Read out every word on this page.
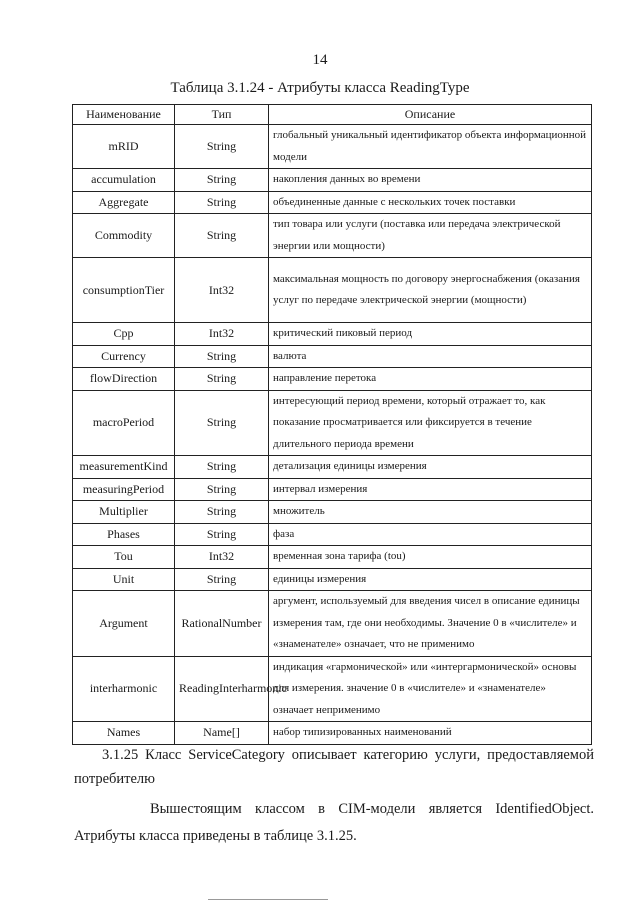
14
Таблица 3.1.24 - Атрибуты класса ReadingType
Наименование	Тип	Описание
mRID	String	глобальный уникальный идентификатор объекта информационной модели
accumulation	String	накопления данных во времени
Aggregate	String	объединенные данные с нескольких точек поставки
Commodity	String	тип товара или услуги (поставка или передача электрической энергии или мощности)
consumptionTier	Int32	максимальная мощность по договору энергоснабжения (оказания услуг по передаче электрической энергии (мощности)
Cpp	Int32	критический пиковый период
Currency	String	валюта
flowDirection	String	направление перетока
macroPeriod	String	интересующий период времени, который отражает то, как показание просматривается или фиксируется в течение длительного периода времени
measurementKind	String	детализация единицы измерения
measuringPeriod	String	интервал измерения
Multiplier	String	множитель
Phases	String	фаза
Tou	Int32	временная зона тарифа (tou)
Unit	String	единицы измерения
Argument	RationalNumber	аргумент, используемый для введения чисел в описание единицы измерения там, где они необходимы. Значение 0 в «числителе» и «знаменателе» означает, что не применимо
interharmonic	ReadingInterharmonic	индикация «гармонической» или «интергармонической» основы для измерения. значение 0 в «числителе» и «знаменателе» означает неприменимо
Names	Name[]	набор типизированных наименований

3.1.25 Класс ServiceCategory описывает категорию услуги, предоставляемой потребителю

Вышестоящим классом в CIM-модели является IdentifiedObject. Атрибуты класса приведены в таблице 3.1.25.
